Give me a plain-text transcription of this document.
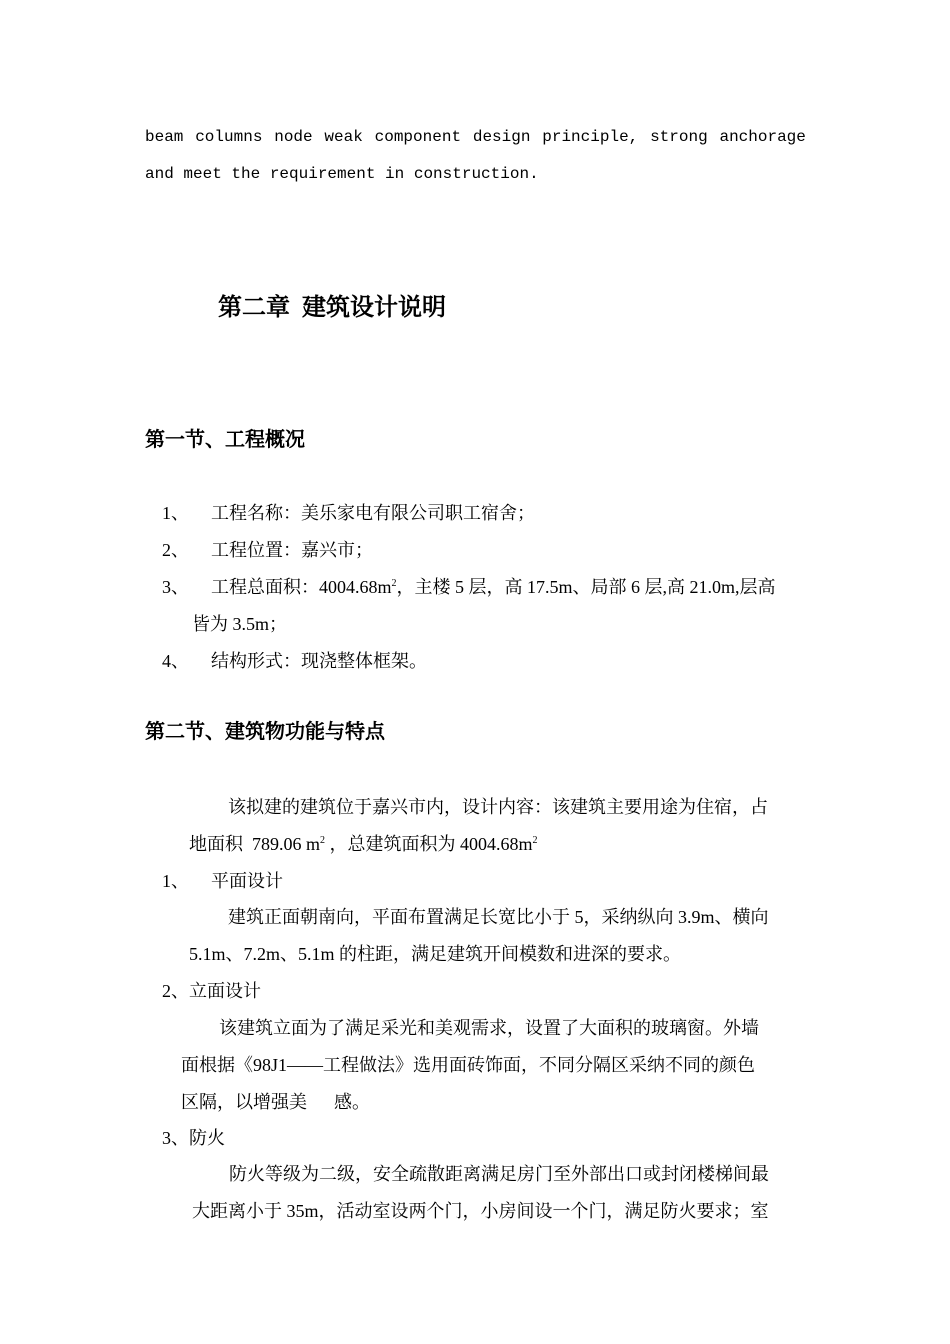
beam columns node weak component design principle, strong anchorage
and meet the requirement in construction.
第二章  建筑设计说明
第一节、工程概况
1、 工程名称：美乐家电有限公司职工宿舍；
2、 工程位置：嘉兴市；
3、 工程总面积：$4004.68m^2$，主楼 5 层，高 17.5m、局部 6 层,高 21.0m,层高
皆为 3.5m；
4、 结构形式：现浇整体框架。
第二节、建筑物功能与特点
该拟建的建筑位于嘉兴市内，设计内容：该建筑主要用途为住宿，占
地面积  789.06 $m^2$ ，总建筑面积为 $4004.68m^2$
1、 平面设计
建筑正面朝南向，平面布置满足长宽比小于 5，采纳纵向 3.9m、横向
5.1m、7.2m、5.1m 的柱距，满足建筑开间模数和进深的要求。
2、立面设计
该建筑立面为了满足采光和美观需求，设置了大面积的玻璃窗。外墙
面根据《98J1——工程做法》选用面砖饰面，不同分隔区采纳不同的颜色
区隔，以增强美      感。
3、防火
防火等级为二级，安全疏散距离满足房门至外部出口或封闭楼梯间最
大距离小于 35m，活动室设两个门，小房间设一个门，满足防火要求；室
